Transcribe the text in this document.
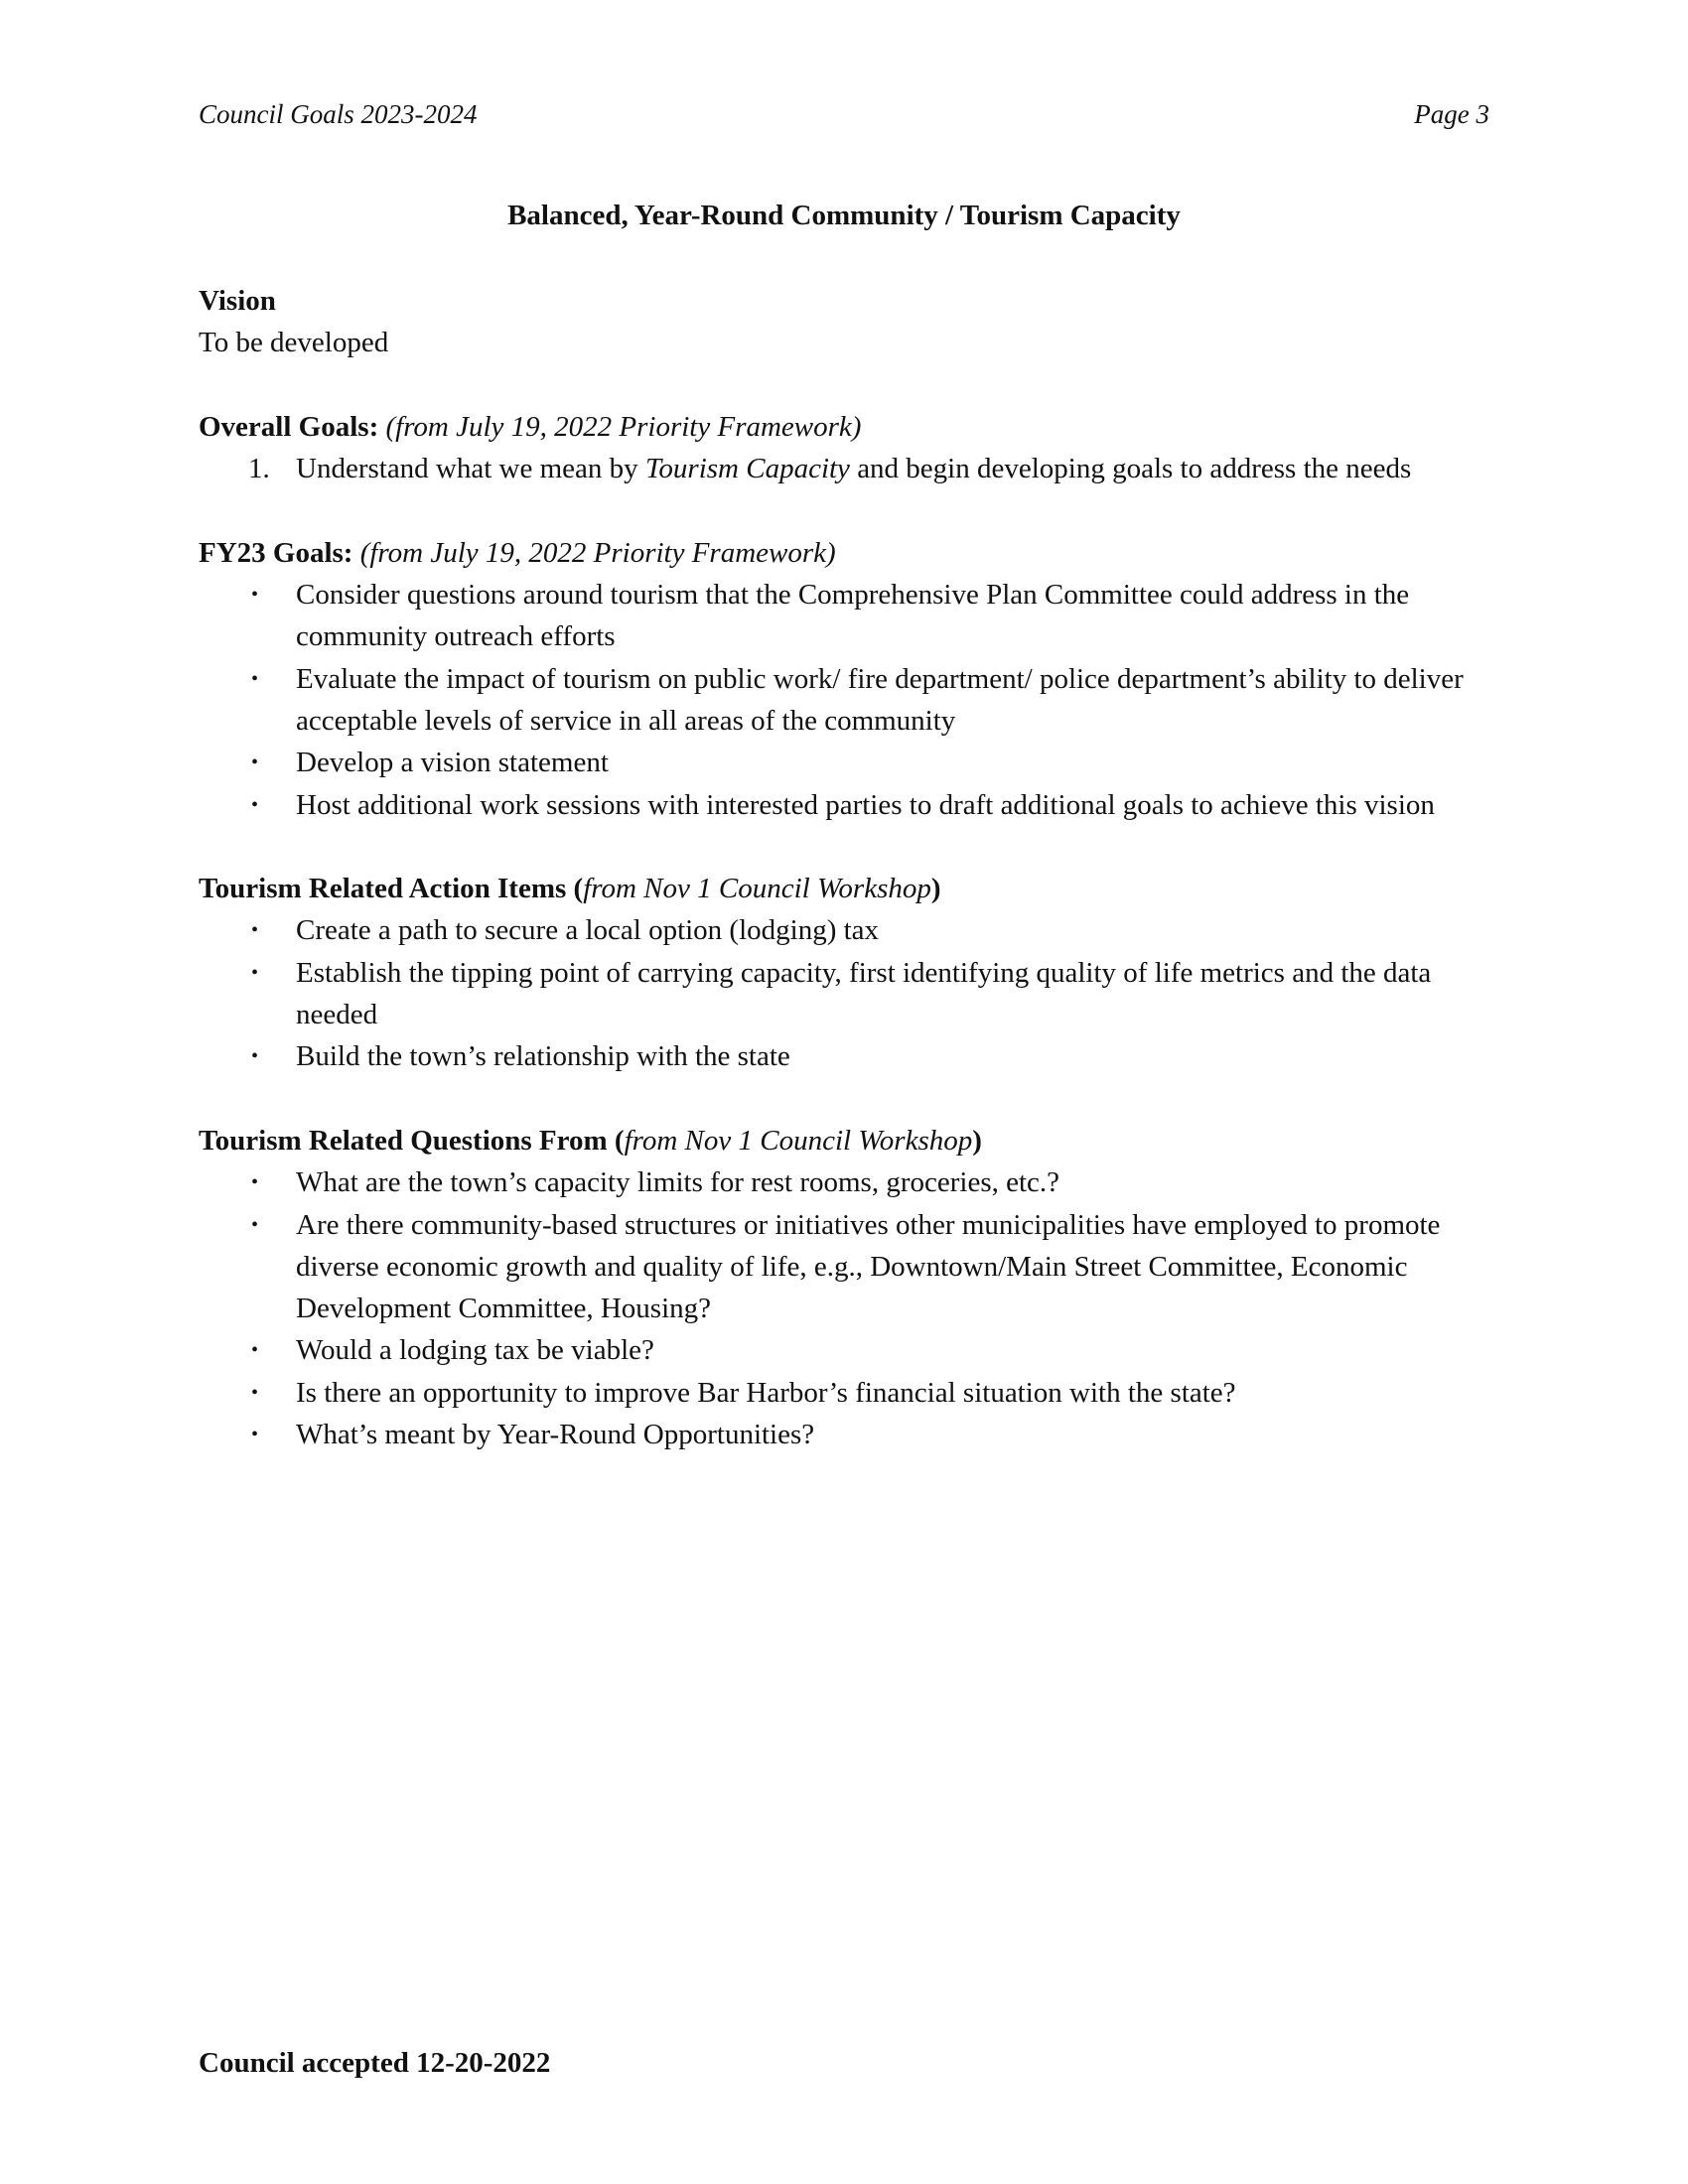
Council Goals 2023-2024	Page 3
Balanced, Year-Round Community / Tourism Capacity
Vision
To be developed
Overall Goals: (from July 19, 2022 Priority Framework)
1. Understand what we mean by Tourism Capacity and begin developing goals to address the needs
FY23 Goals: (from July 19, 2022 Priority Framework)
• Consider questions around tourism that the Comprehensive Plan Committee could address in the community outreach efforts
• Evaluate the impact of tourism on public work/ fire department/ police department’s ability to deliver acceptable levels of service in all areas of the community
• Develop a vision statement
• Host additional work sessions with interested parties to draft additional goals to achieve this vision
Tourism Related Action Items (from Nov 1 Council Workshop)
• Create a path to secure a local option (lodging) tax
• Establish the tipping point of carrying capacity, first identifying quality of life metrics and the data needed
• Build the town’s relationship with the state
Tourism Related Questions From (from Nov 1 Council Workshop)
• What are the town’s capacity limits for rest rooms, groceries, etc.?
• Are there community-based structures or initiatives other municipalities have employed to promote diverse economic growth and quality of life, e.g., Downtown/Main Street Committee, Economic Development Committee, Housing?
• Would a lodging tax be viable?
• Is there an opportunity to improve Bar Harbor’s financial situation with the state?
• What’s meant by Year-Round Opportunities?
Council accepted 12-20-2022
